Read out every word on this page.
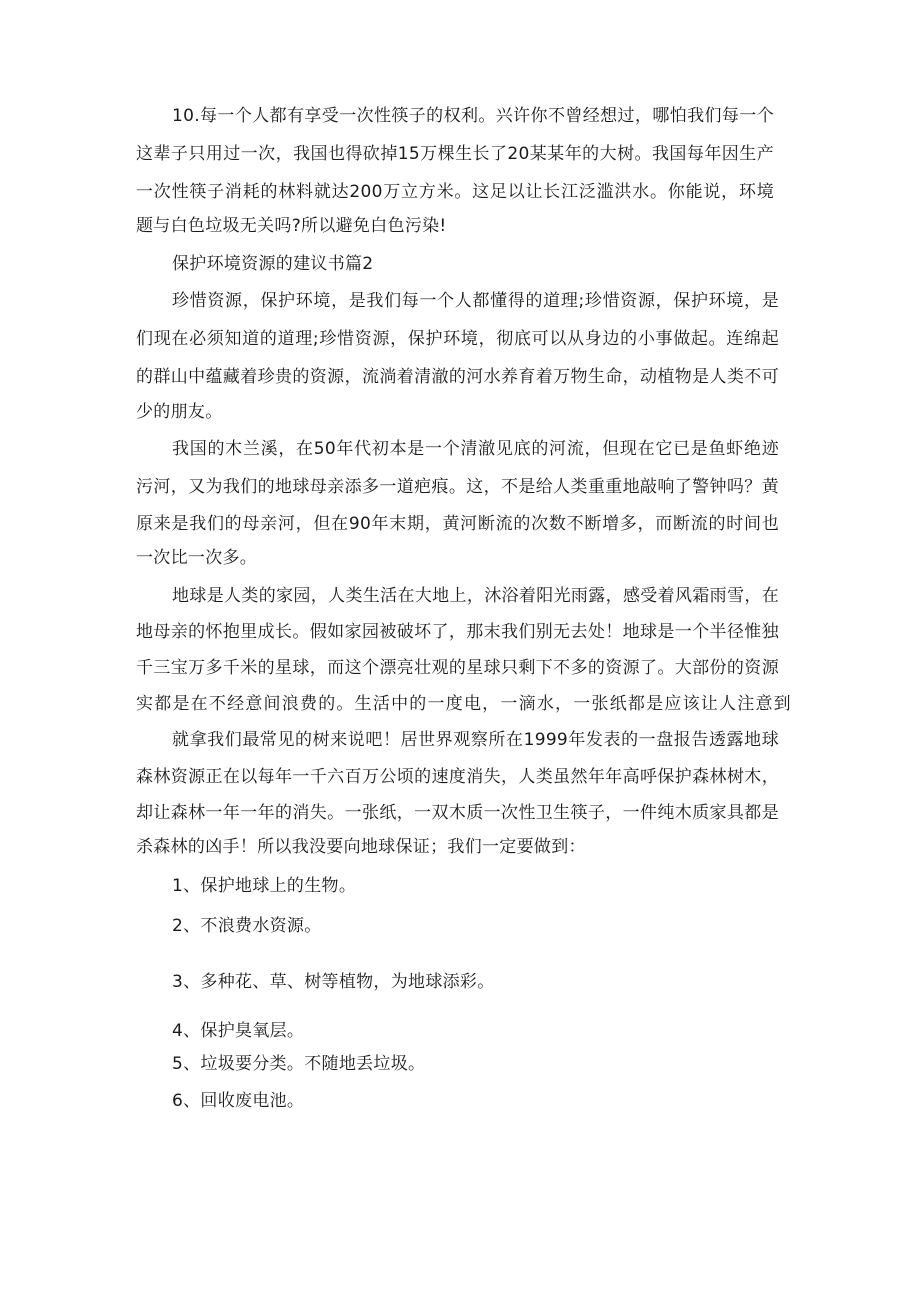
10.每一个人都有享受一次性筷子的权利。兴许你不曾经想过，哪怕我们每一个
这辈子只用过一次，我国也得砍掉15万棵生长了20某某年的大树。我国每年因生产
一次性筷子消耗的林料就达200万立方米。这足以让长江泛滥洪水。你能说，环境
题与白色垃圾无关吗?所以避免白色污染!
保护环境资源的建议书篇2
珍惜资源，保护环境，是我们每一个人都懂得的道理;珍惜资源，保护环境，是
们现在必须知道的道理;珍惜资源，保护环境，彻底可以从身边的小事做起。连绵起
的群山中蕴藏着珍贵的资源，流淌着清澈的河水养育着万物生命，动植物是人类不可
少的朋友。
我国的木兰溪，在50年代初本是一个清澈见底的河流，但现在它已是鱼虾绝迹
污河，又为我们的地球母亲添多一道疤痕。这，不是给人类重重地敲响了警钟吗？黄
原来是我们的母亲河，但在90年末期，黄河断流的次数不断增多，而断流的时间也
一次比一次多。
地球是人类的家园，人类生活在大地上，沐浴着阳光雨露，感受着风霜雨雪，在
地母亲的怀抱里成长。假如家园被破坏了，那末我们别无去处！地球是一个半径惟独
千三宝万多千米的星球，而这个漂亮壮观的星球只剩下不多的资源了。大部份的资源
实都是在不经意间浪费的。生活中的一度电，一滴水，一张纸都是应该让人注意到
就拿我们最常见的树来说吧！居世界观察所在1999年发表的一盘报告透露地球
森林资源正在以每年一千六百万公顷的速度消失，人类虽然年年高呼保护森林树木，
却让森林一年一年的消失。一张纸，一双木质一次性卫生筷子，一件纯木质家具都是
杀森林的凶手！所以我没要向地球保证；我们一定要做到：
1、保护地球上的生物。
2、不浪费水资源。
3、多种花、草、树等植物，为地球添彩。
4、保护臭氧层。
5、垃圾要分类。不随地丢垃圾。
6、回收废电池。
